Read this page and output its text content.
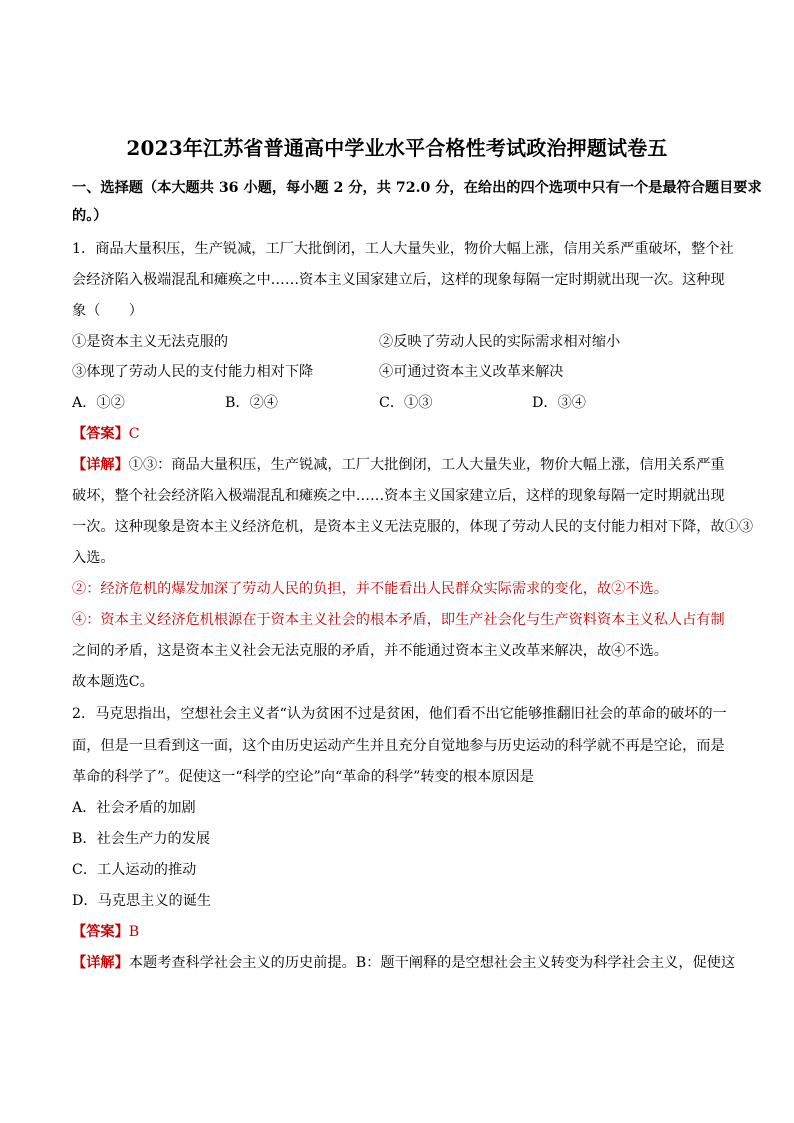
2023年江苏省普通高中学业水平合格性考试政治押题试卷五
一、选择题（本大题共 36 小题，每小题 2 分，共 72.0 分，在给出的四个选项中只有一个是最符合题目要求
的。）
1．商品大量积压，生产锐减，工厂大批倒闭，工人大量失业，物价大幅上涨，信用关系严重破坏，整个社
会经济陷入极端混乱和瘫痪之中……资本主义国家建立后，这样的现象每隔一定时期就出现一次。这种现
象（　　）
①是资本主义无法克服的	②反映了劳动人民的实际需求相对缩小
③体现了劳动人民的支付能力相对下降	④可通过资本主义改革来解决
A．①②	B．②④	C．①③	D．③④
【答案】C
【详解】①③：商品大量积压，生产锐减，工厂大批倒闭，工人大量失业，物价大幅上涨，信用关系严重
破坏，整个社会经济陷入极端混乱和瘫痪之中……资本主义国家建立后，这样的现象每隔一定时期就出现
一次。这种现象是资本主义经济危机，是资本主义无法克服的，体现了劳动人民的支付能力相对下降，故①③
入选。
②：经济危机的爆发加深了劳动人民的负担，并不能看出人民群众实际需求的变化，故②不选。
④：资本主义经济危机根源在于资本主义社会的根本矛盾，即生产社会化与生产资料资本主义私人占有制
之间的矛盾，这是资本主义社会无法克服的矛盾，并不能通过资本主义改革来解决，故④不选。
故本题选C。
2．马克思指出，空想社会主义者“认为贫困不过是贫困，他们看不出它能够推翻旧社会的革命的破坏的一
面，但是一旦看到这一面，这个由历史运动产生并且充分自觉地参与历史运动的科学就不再是空论，而是
革命的科学了”。促使这一“科学的空论”向“革命的科学”转变的根本原因是
A．社会矛盾的加剧
B．社会生产力的发展
C．工人运动的推动
D．马克思主义的诞生
【答案】B
【详解】本题考查科学社会主义的历史前提。B：题干阐释的是空想社会主义转变为科学社会主义，促使这
